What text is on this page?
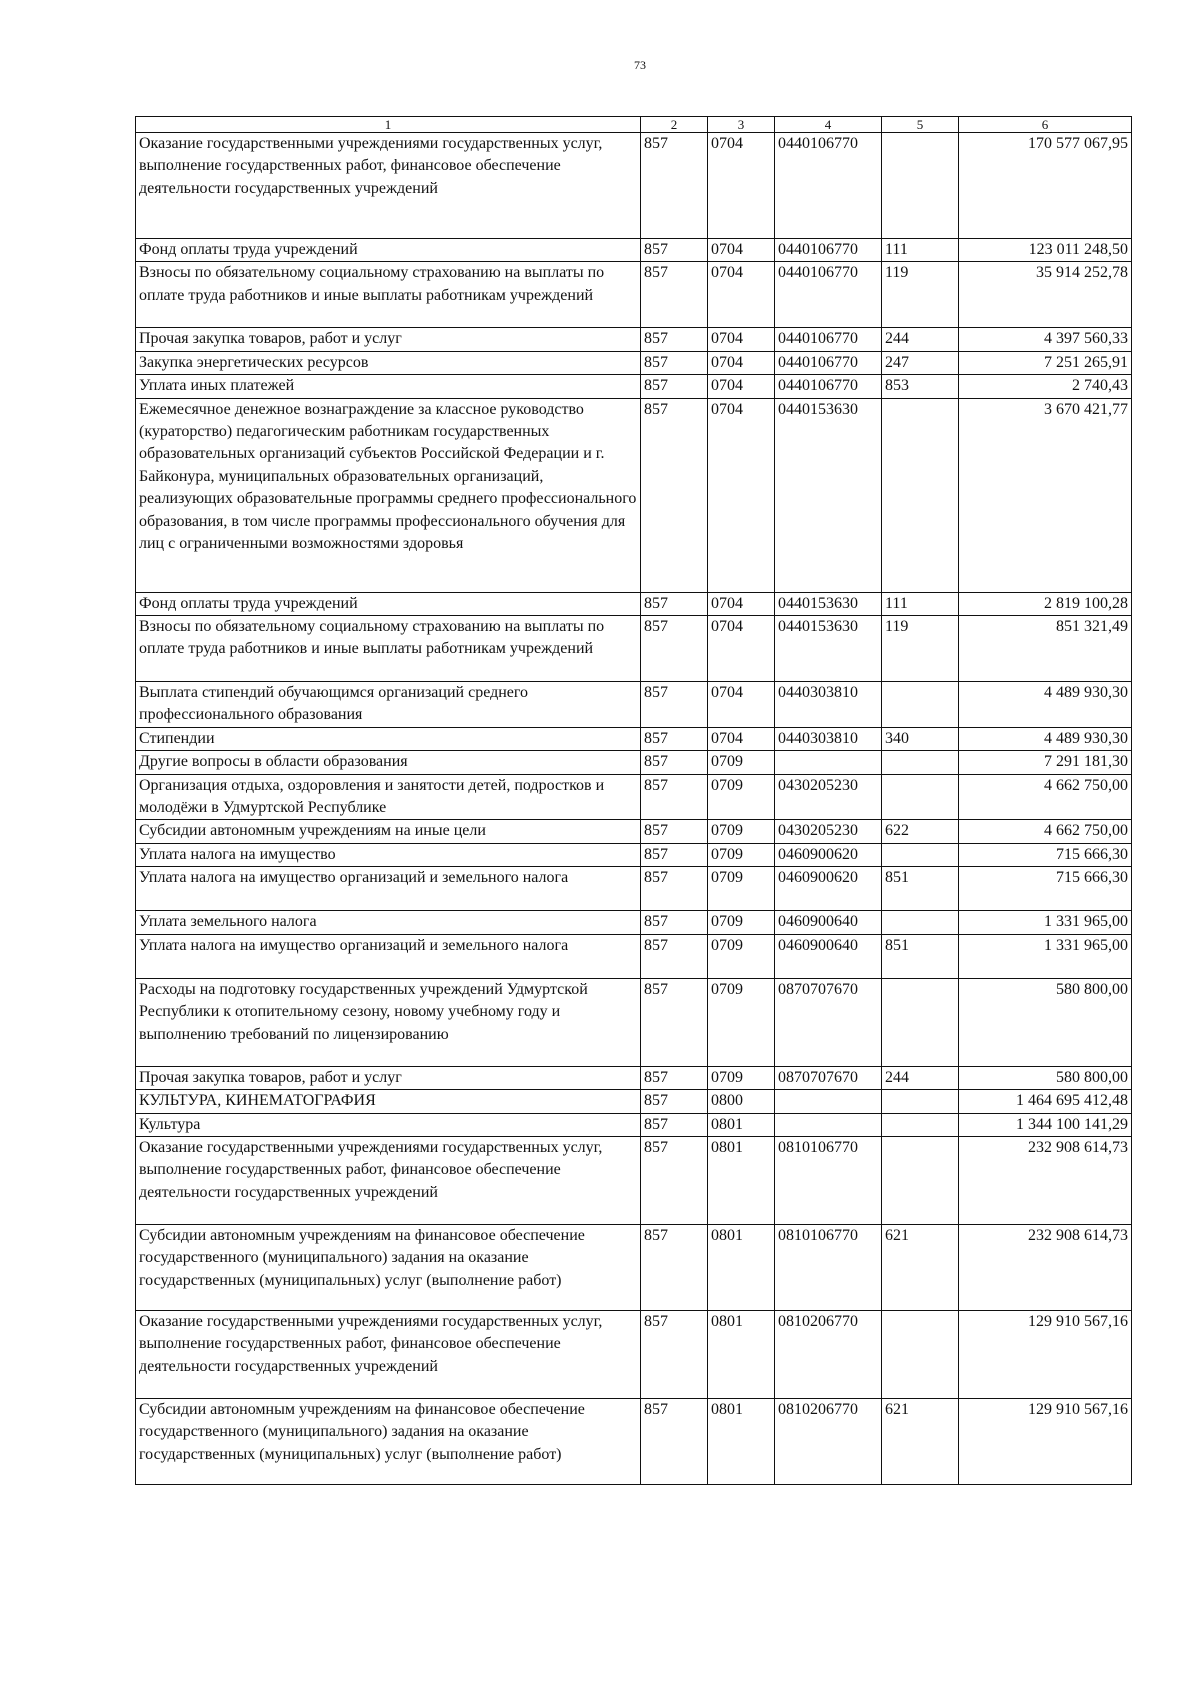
73
1	2	3	4	5	6
Оказание государственными учреждениями государственных услуг, выполнение государственных работ, финансовое обеспечение деятельности государственных учреждений	857	0704	0440106770		170 577 067,95
Фонд оплаты труда учреждений	857	0704	0440106770	111	123 011 248,50
Взносы по обязательному социальному страхованию на выплаты по оплате труда работников и иные выплаты работникам учреждений	857	0704	0440106770	119	35 914 252,78
Прочая закупка товаров, работ и услуг	857	0704	0440106770	244	4 397 560,33
Закупка энергетических ресурсов	857	0704	0440106770	247	7 251 265,91
Уплата иных платежей	857	0704	0440106770	853	2 740,43
Ежемесячное денежное вознаграждение за классное руководство (кураторство) педагогическим работникам государственных образовательных организаций субъектов Российской Федерации и г. Байконура, муниципальных образовательных организаций, реализующих образовательные программы среднего профессионального образования, в том числе программы профессионального обучения для лиц с ограниченными возможностями здоровья	857	0704	0440153630		3 670 421,77
Фонд оплаты труда учреждений	857	0704	0440153630	111	2 819 100,28
Взносы по обязательному социальному страхованию на выплаты по оплате труда работников и иные выплаты работникам учреждений	857	0704	0440153630	119	851 321,49
Выплата стипендий обучающимся организаций среднего профессионального образования	857	0704	0440303810		4 489 930,30
Стипендии	857	0704	0440303810	340	4 489 930,30
Другие вопросы в области образования	857	0709			7 291 181,30
Организация отдыха, оздоровления и занятости детей, подростков и молодёжи в Удмуртской Республике	857	0709	0430205230		4 662 750,00
Субсидии автономным учреждениям на иные цели	857	0709	0430205230	622	4 662 750,00
Уплата налога на имущество	857	0709	0460900620		715 666,30
Уплата налога на имущество организаций и земельного налога	857	0709	0460900620	851	715 666,30
Уплата земельного налога	857	0709	0460900640		1 331 965,00
Уплата налога на имущество организаций и земельного налога	857	0709	0460900640	851	1 331 965,00
Расходы на подготовку государственных учреждений Удмуртской Республики к отопительному сезону, новому учебному году и выполнению требований по лицензированию	857	0709	0870707670		580 800,00
Прочая закупка товаров, работ и услуг	857	0709	0870707670	244	580 800,00
КУЛЬТУРА, КИНЕМАТОГРАФИЯ	857	0800			1 464 695 412,48
Культура	857	0801			1 344 100 141,29
Оказание государственными учреждениями государственных услуг, выполнение государственных работ, финансовое обеспечение деятельности государственных учреждений	857	0801	0810106770		232 908 614,73
Субсидии автономным учреждениям на финансовое обеспечение государственного (муниципального) задания на оказание государственных (муниципальных) услуг (выполнение работ)	857	0801	0810106770	621	232 908 614,73
Оказание государственными учреждениями государственных услуг, выполнение государственных работ, финансовое обеспечение деятельности государственных учреждений	857	0801	0810206770		129 910 567,16
Субсидии автономным учреждениям на финансовое обеспечение государственного (муниципального) задания на оказание государственных (муниципальных) услуг (выполнение работ)	857	0801	0810206770	621	129 910 567,16
